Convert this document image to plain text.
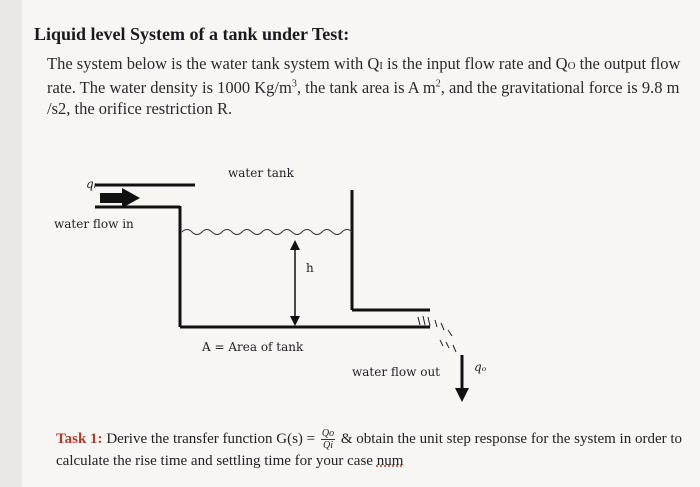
Liquid level System of a tank under Test:
The system below is the water tank system with QI is the input flow rate and QO the output flow rate. The water density is 1000 $Kg/m^3$, the tank area is A $m^2$, and the gravitational force is 9.8 m /s2, the orifice restriction R.
water tank
qᵢ
water flow in
h
A = Area of tank
water flow out	qₒ
Task 1: Derive the transfer function $G(s) = \frac{Qo}{Qi}$ & obtain the unit step response for the system in order to calculate the rise time and settling time for your case num
